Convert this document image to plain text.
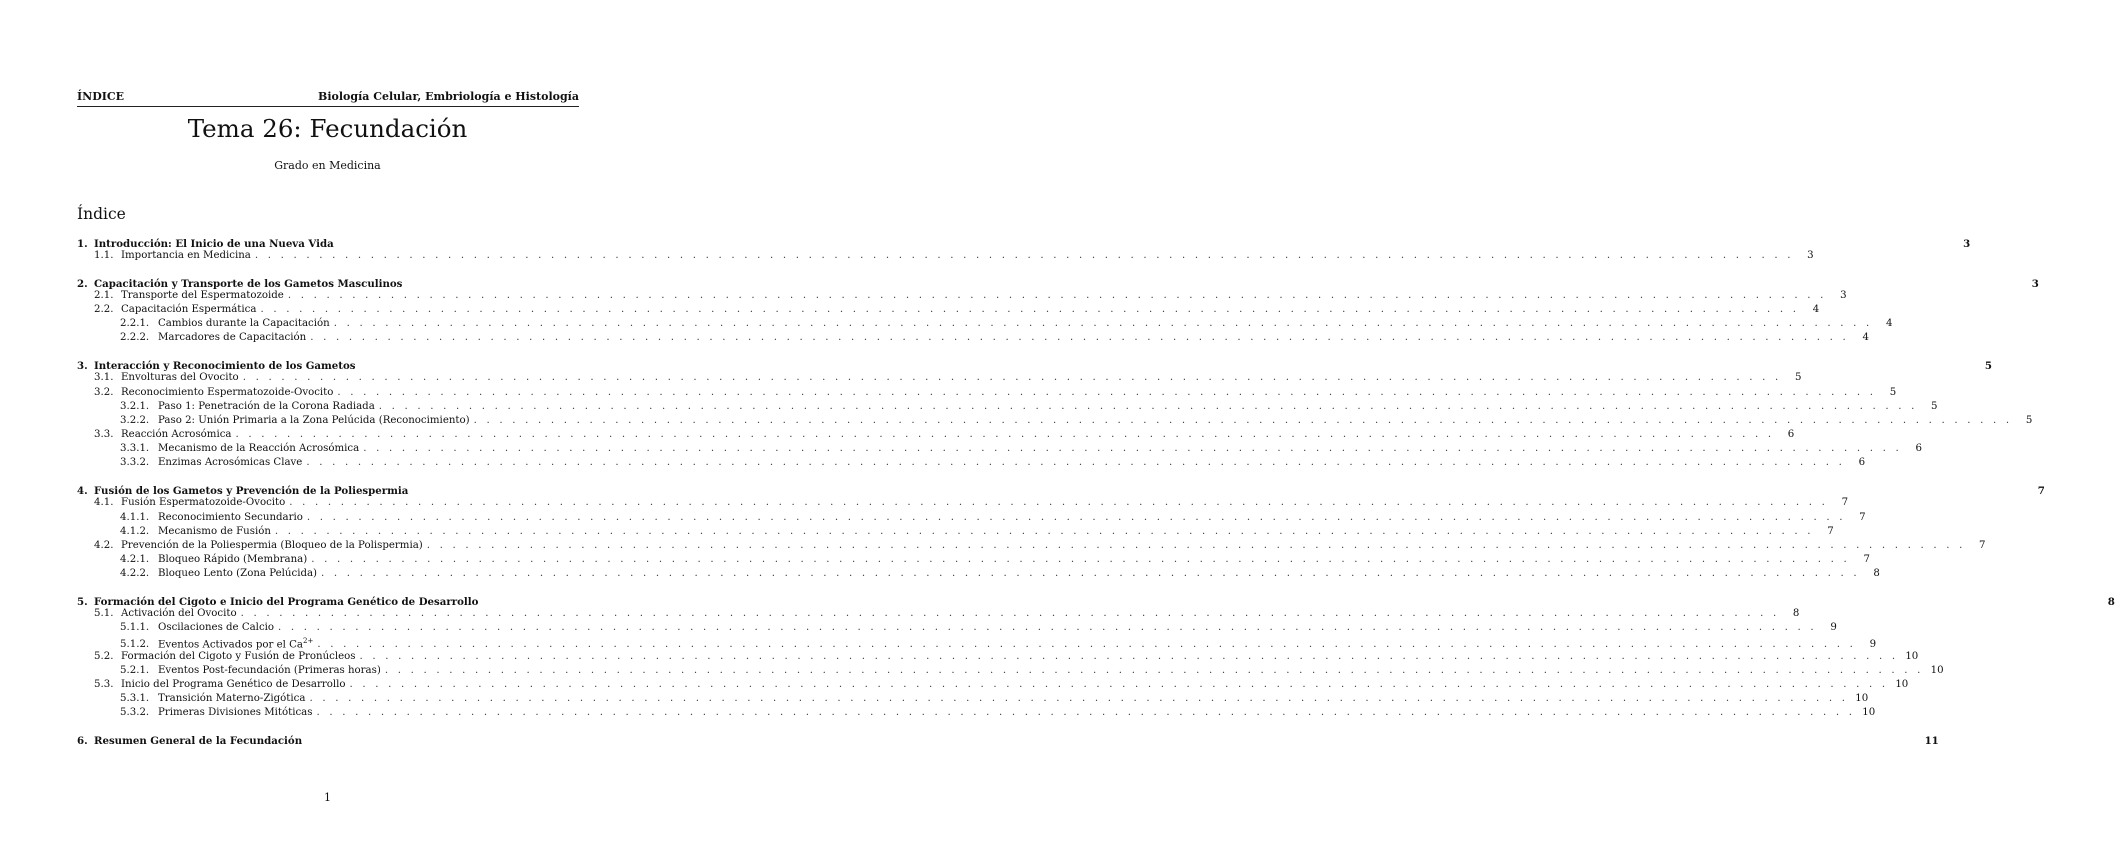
ÍNDICE	Biología Celular, Embriología e Histología
Tema 26: Fecundación
Grado en Medicina
Índice
1. Introducción: El Inicio de una Nueva Vida	3
1.1. Importancia en Medicina . . . . . . . . . . . . . . . . . . . . . . . . . . . . . . . . . . . . . . . . . . . . . . . . . . . . . . . . . . . . . . . . . . . . . . . . . . . . . . . . . . . . . . . . . . . . . . . . . . . . . . . . . . . . . . . . . . . . . . . .	3
2. Capacitación y Transporte de los Gametos Masculinos	3
2.1. Transporte del Espermatozoide . . . . . . . . . . . . . . . . . . . . . . . . . . . . . . . . . . . . . . . . . . . . . . . . . . . . . . . . . . . . . . . . . . . . . . . . . . . . . . . . . . . . . . . . . . . . . . . . . . . . . . . . . . . . . . . . . . . . . . . .	3
2.2. Capacitación Espermática . . . . . . . . . . . . . . . . . . . . . . . . . . . . . . . . . . . . . . . . . . . . . . . . . . . . . . . . . . . . . . . . . . . . . . . . . . . . . . . . . . . . . . . . . . . . . . . . . . . . . . . . . . . . . . . . . . . . . . . .	4
2.2.1. Cambios durante la Capacitación . . . . . . . . . . . . . . . . . . . . . . . . . . . . . . . . . . . . . . . . . . . . . . . . . . . . . . . . . . . . . . . . . . . . . . . . . . . . . . . . . . . . . . . . . . . . . . . . . . . . . . . . . . . . . . . . . . . . . . . .	4
2.2.2. Marcadores de Capacitación . . . . . . . . . . . . . . . . . . . . . . . . . . . . . . . . . . . . . . . . . . . . . . . . . . . . . . . . . . . . . . . . . . . . . . . . . . . . . . . . . . . . . . . . . . . . . . . . . . . . . . . . . . . . . . . . . . . . . . . .	4
3. Interacción y Reconocimiento de los Gametos	5
3.1. Envolturas del Ovocito . . . . . . . . . . . . . . . . . . . . . . . . . . . . . . . . . . . . . . . . . . . . . . . . . . . . . . . . . . . . . . . . . . . . . . . . . . . . . . . . . . . . . . . . . . . . . . . . . . . . . . . . . . . . . . . . . . . . . . . .	5
3.2. Reconocimiento Espermatozoide-Ovocito . . . . . . . . . . . . . . . . . . . . . . . . . . . . . . . . . . . . . . . . . . . . . . . . . . . . . . . . . . . . . . . . . . . . . . . . . . . . . . . . . . . . . . . . . . . . . . . . . . . . . . . . . . . . . . . . . . . . . . . .	5
3.2.1. Paso 1: Penetración de la Corona Radiada . . . . . . . . . . . . . . . . . . . . . . . . . . . . . . . . . . . . . . . . . . . . . . . . . . . . . . . . . . . . . . . . . . . . . . . . . . . . . . . . . . . . . . . . . . . . . . . . . . . . . . . . . . . . . . . . . . . . . . . .	5
3.2.2. Paso 2: Unión Primaria a la Zona Pelúcida (Reconocimiento) . . . . . . . . . . . . . . . . . . . . . . . . . . . . . . . . . . . . . . . . . . . . . . . . . . . . . . . . . . . . . . . . . . . . . . . . . . . . . . . . . . . . . . . . . . . . . . . . . . . . . . . . . . . . . . . . . . . . . . . .	5
3.3. Reacción Acrosómica . . . . . . . . . . . . . . . . . . . . . . . . . . . . . . . . . . . . . . . . . . . . . . . . . . . . . . . . . . . . . . . . . . . . . . . . . . . . . . . . . . . . . . . . . . . . . . . . . . . . . . . . . . . . . . . . . . . . . . . .	6
3.3.1. Mecanismo de la Reacción Acrosómica . . . . . . . . . . . . . . . . . . . . . . . . . . . . . . . . . . . . . . . . . . . . . . . . . . . . . . . . . . . . . . . . . . . . . . . . . . . . . . . . . . . . . . . . . . . . . . . . . . . . . . . . . . . . . . . . . . . . . . . .	6
3.3.2. Enzimas Acrosómicas Clave . . . . . . . . . . . . . . . . . . . . . . . . . . . . . . . . . . . . . . . . . . . . . . . . . . . . . . . . . . . . . . . . . . . . . . . . . . . . . . . . . . . . . . . . . . . . . . . . . . . . . . . . . . . . . . . . . . . . . . . .	6
4. Fusión de los Gametos y Prevención de la Poliespermia	7
4.1. Fusión Espermatozoide-Ovocito . . . . . . . . . . . . . . . . . . . . . . . . . . . . . . . . . . . . . . . . . . . . . . . . . . . . . . . . . . . . . . . . . . . . . . . . . . . . . . . . . . . . . . . . . . . . . . . . . . . . . . . . . . . . . . . . . . . . . . . .	7
4.1.1. Reconocimiento Secundario . . . . . . . . . . . . . . . . . . . . . . . . . . . . . . . . . . . . . . . . . . . . . . . . . . . . . . . . . . . . . . . . . . . . . . . . . . . . . . . . . . . . . . . . . . . . . . . . . . . . . . . . . . . . . . . . . . . . . . . .	7
4.1.2. Mecanismo de Fusión . . . . . . . . . . . . . . . . . . . . . . . . . . . . . . . . . . . . . . . . . . . . . . . . . . . . . . . . . . . . . . . . . . . . . . . . . . . . . . . . . . . . . . . . . . . . . . . . . . . . . . . . . . . . . . . . . . . . . . . .	7
4.2. Prevención de la Poliespermia (Bloqueo de la Polispermia) . . . . . . . . . . . . . . . . . . . . . . . . . . . . . . . . . . . . . . . . . . . . . . . . . . . . . . . . . . . . . . . . . . . . . . . . . . . . . . . . . . . . . . . . . . . . . . . . . . . . . . . . . . . . . . . . . . . . . . . .	7
4.2.1. Bloqueo Rápido (Membrana) . . . . . . . . . . . . . . . . . . . . . . . . . . . . . . . . . . . . . . . . . . . . . . . . . . . . . . . . . . . . . . . . . . . . . . . . . . . . . . . . . . . . . . . . . . . . . . . . . . . . . . . . . . . . . . . . . . . . . . . .	7
4.2.2. Bloqueo Lento (Zona Pelúcida) . . . . . . . . . . . . . . . . . . . . . . . . . . . . . . . . . . . . . . . . . . . . . . . . . . . . . . . . . . . . . . . . . . . . . . . . . . . . . . . . . . . . . . . . . . . . . . . . . . . . . . . . . . . . . . . . . . . . . . . .	8
5. Formación del Cigoto e Inicio del Programa Genético de Desarrollo	8
5.1. Activación del Ovocito . . . . . . . . . . . . . . . . . . . . . . . . . . . . . . . . . . . . . . . . . . . . . . . . . . . . . . . . . . . . . . . . . . . . . . . . . . . . . . . . . . . . . . . . . . . . . . . . . . . . . . . . . . . . . . . . . . . . . . . .	8
5.1.1. Oscilaciones de Calcio . . . . . . . . . . . . . . . . . . . . . . . . . . . . . . . . . . . . . . . . . . . . . . . . . . . . . . . . . . . . . . . . . . . . . . . . . . . . . . . . . . . . . . . . . . . . . . . . . . . . . . . . . . . . . . . . . . . . . . . .	9
5.1.2. Eventos Activados por el $Ca^{2+}$ . . . . . . . . . . . . . . . . . . . . . . . . . . . . . . . . . . . . . . . . . . . . . . . . . . . . . . . . . . . . . . . . . . . . . . . . . . . . . . . . . . . . . . . . . . . . . . . . . . . . . . . . . . . . . . . . . . . . . . . .	9
5.2. Formación del Cigoto y Fusión de Pronúcleos . . . . . . . . . . . . . . . . . . . . . . . . . . . . . . . . . . . . . . . . . . . . . . . . . . . . . . . . . . . . . . . . . . . . . . . . . . . . . . . . . . . . . . . . . . . . . . . . . . . . . . . . . . . . . . . . . . . . . . . . 10
5.2.1. Eventos Post-fecundación (Primeras horas) . . . . . . . . . . . . . . . . . . . . . . . . . . . . . . . . . . . . . . . . . . . . . . . . . . . . . . . . . . . . . . . . . . . . . . . . . . . . . . . . . . . . . . . . . . . . . . . . . . . . . . . . . . . . . . . . . . . . . . . . 10
5.3. Inicio del Programa Genético de Desarrollo . . . . . . . . . . . . . . . . . . . . . . . . . . . . . . . . . . . . . . . . . . . . . . . . . . . . . . . . . . . . . . . . . . . . . . . . . . . . . . . . . . . . . . . . . . . . . . . . . . . . . . . . . . . . . . . . . . . . . . . . 10
5.3.1. Transición Materno-Zigótica . . . . . . . . . . . . . . . . . . . . . . . . . . . . . . . . . . . . . . . . . . . . . . . . . . . . . . . . . . . . . . . . . . . . . . . . . . . . . . . . . . . . . . . . . . . . . . . . . . . . . . . . . . . . . . . . . . . . . . . . 10
5.3.2. Primeras Divisiones Mitóticas . . . . . . . . . . . . . . . . . . . . . . . . . . . . . . . . . . . . . . . . . . . . . . . . . . . . . . . . . . . . . . . . . . . . . . . . . . . . . . . . . . . . . . . . . . . . . . . . . . . . . . . . . . . . . . . . . . . . . . . . 10
6. Resumen General de la Fecundación	11
1
